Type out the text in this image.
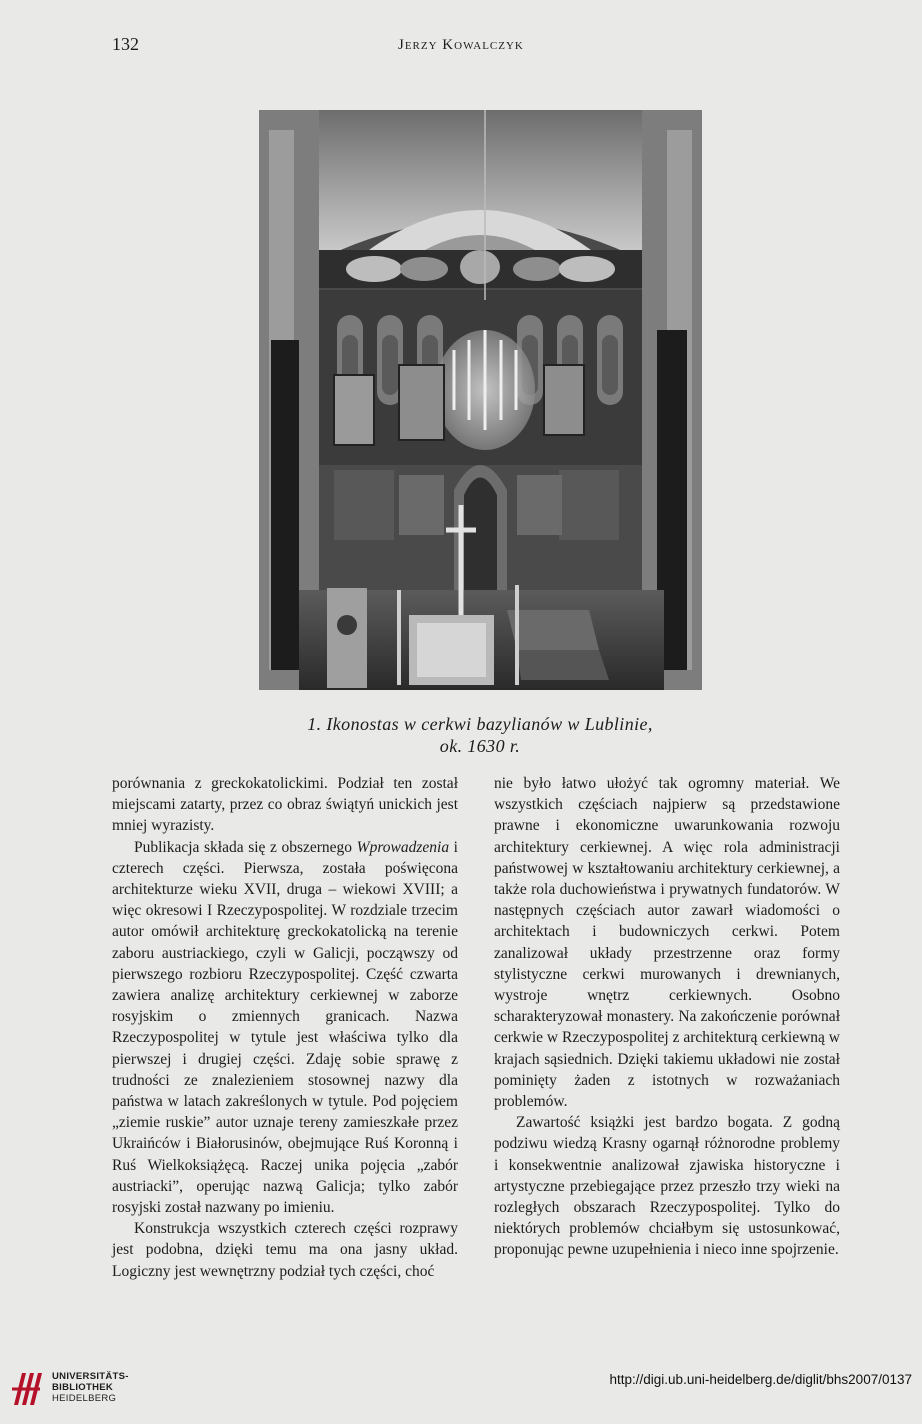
132	Jerzy Kowalczyk
1. Ikonostas w cerkwi bazylianów w Lublinie,
ok. 1630 r.

porównania z greckokatolickimi. Podział ten został miejscami zatarty, przez co obraz świątyń unickich jest mniej wyrazisty.

Publikacja składa się z obszernego Wprowadzenia i czterech części. Pierwsza, została poświęcona architekturze wieku XVII, druga – wiekowi XVIII; a więc okresowi I Rzeczypospolitej. W rozdziale trzecim autor omówił architekturę greckokatolicką na terenie zaboru austriackiego, czyli w Galicji, począwszy od pierwszego rozbioru Rzeczypospolitej. Część czwarta zawiera analizę architektury cerkiewnej w zaborze rosyjskim o zmiennych granicach. Nazwa Rzeczypospolitej w tytule jest właściwa tylko dla pierwszej i drugiej części. Zdaję sobie sprawę z trudności ze znalezieniem stosownej nazwy dla państwa w latach zakreślonych w tytule. Pod pojęciem „ziemie ruskie” autor uznaje tereny zamieszkałe przez Ukraińców i Białorusinów, obejmujące Ruś Koronną i Ruś Wielkoksiążęcą. Raczej unika pojęcia „zabór austriacki”, operując nazwą Galicja; tylko zabór rosyjski został nazwany po imieniu.

Konstrukcja wszystkich czterech części rozprawy jest podobna, dzięki temu ma ona jasny układ. Logiczny jest wewnętrzny podział tych części, choć

nie było łatwo ułożyć tak ogromny materiał. We wszystkich częściach najpierw są przedstawione prawne i ekonomiczne uwarunkowania rozwoju architektury cerkiewnej. A więc rola administracji państwowej w kształtowaniu architektury cerkiewnej, a także rola duchowieństwa i prywatnych fundatorów. W następnych częściach autor zawarł wiadomości o architektach i budowniczych cerkwi. Potem zanalizował układy przestrzenne oraz formy stylistyczne cerkwi murowanych i drewnianych, wystroje wnętrz cerkiewnych. Osobno scharakteryzował monastery. Na zakończenie porównał cerkwie w Rzeczypospolitej z architekturą cerkiewną w krajach sąsiednich. Dzięki takiemu układowi nie został pominięty żaden z istotnych w rozważaniach problemów.

Zawartość książki jest bardzo bogata. Z godną podziwu wiedzą Krasny ogarnął różnorodne problemy i konsekwentnie analizował zjawiska historyczne i artystyczne przebiegające przez przeszło trzy wieki na rozległych obszarach Rzeczypospolitej. Tylko do niektórych problemów chciałbym się ustosunkować, proponując pewne uzupełnienia i nieco inne spojrzenie.

UNIVERSITÄTS-
BIBLIOTHEK
HEIDELBERG
http://digi.ub.uni-heidelberg.de/diglit/bhs2007/0137
